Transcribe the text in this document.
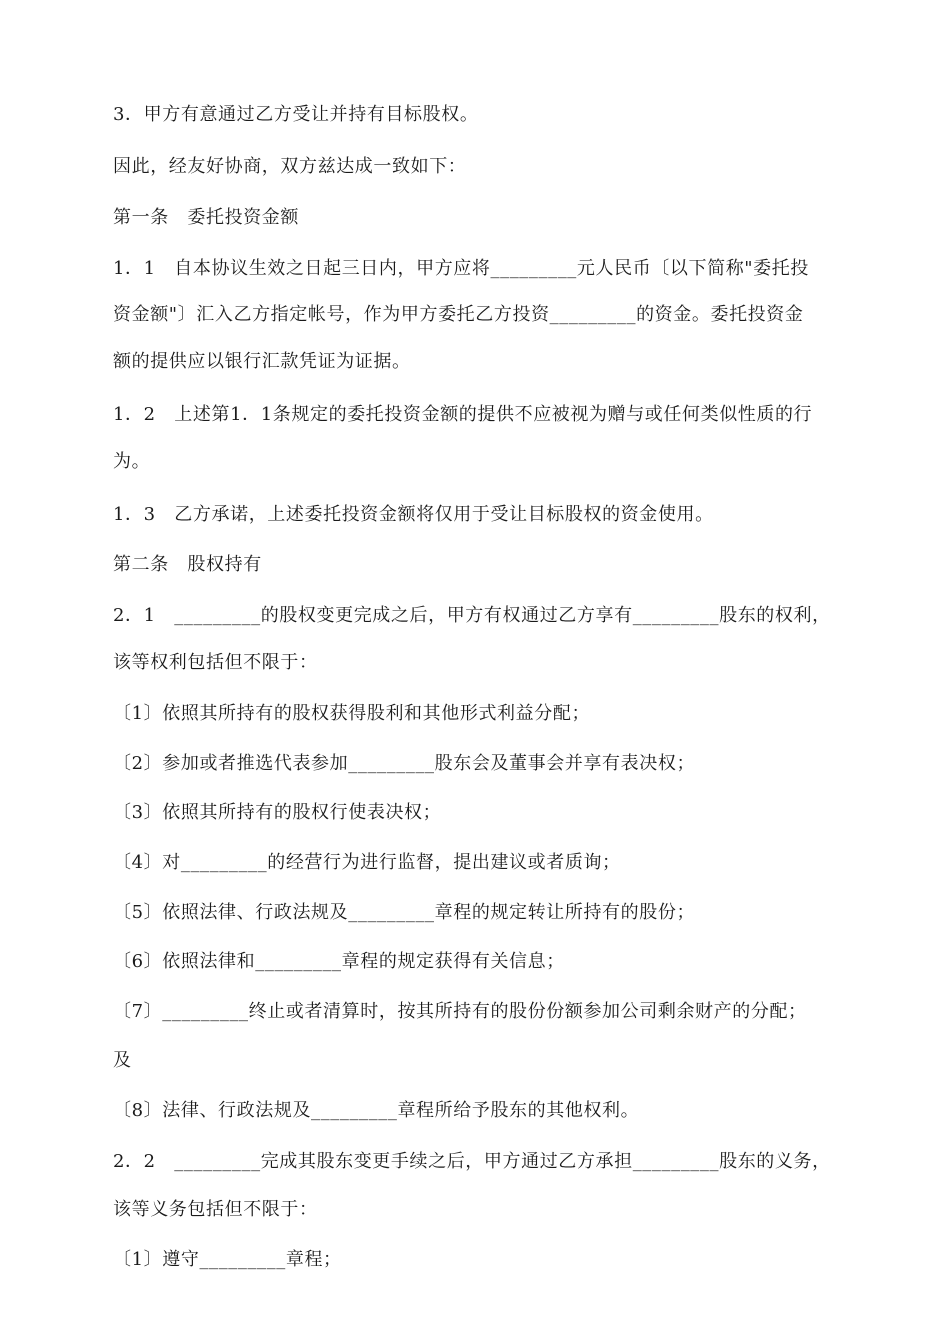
3．甲方有意通过乙方受让并持有目标股权。
因此，经友好协商，双方兹达成一致如下：
第一条　委托投资金额
1．1　自本协议生效之日起三日内，甲方应将_________元人民币〔以下简称"委托投
资金额"〕汇入乙方指定帐号，作为甲方委托乙方投资_________的资金。委托投资金
额的提供应以银行汇款凭证为证据。
1．2　上述第1．1条规定的委托投资金额的提供不应被视为赠与或任何类似性质的行
为。
1．3　乙方承诺，上述委托投资金额将仅用于受让目标股权的资金使用。
第二条　股权持有
2．1　_________的股权变更完成之后，甲方有权通过乙方享有_________股东的权利，
该等权利包括但不限于：
〔1〕依照其所持有的股权获得股利和其他形式利益分配；
〔2〕参加或者推选代表参加_________股东会及董事会并享有表决权；
〔3〕依照其所持有的股权行使表决权；
〔4〕对_________的经营行为进行监督，提出建议或者质询；
〔5〕依照法律、行政法规及_________章程的规定转让所持有的股份；
〔6〕依照法律和_________章程的规定获得有关信息；
〔7〕_________终止或者清算时，按其所持有的股份份额参加公司剩余财产的分配；
及
〔8〕法律、行政法规及_________章程所给予股东的其他权利。
2．2　_________完成其股东变更手续之后，甲方通过乙方承担_________股东的义务，
该等义务包括但不限于：
〔1〕遵守_________章程；
